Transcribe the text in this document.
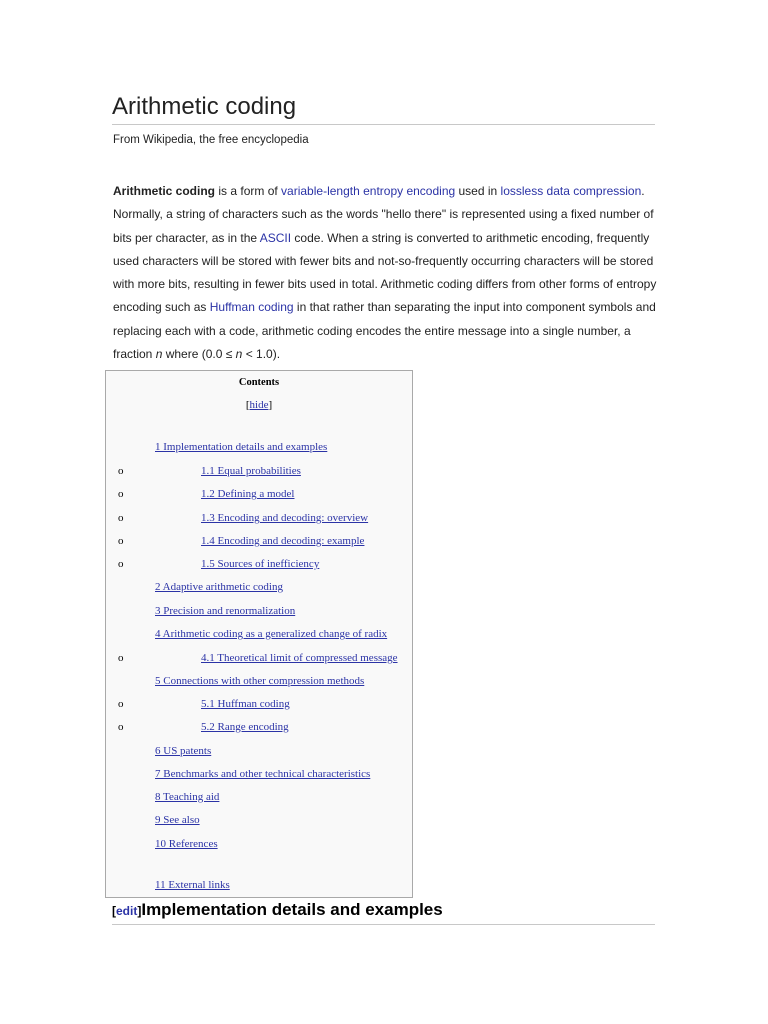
Arithmetic coding
From Wikipedia, the free encyclopedia

Arithmetic coding is a form of variable-length entropy encoding used in lossless data compression. Normally, a string of characters such as the words "hello there" is represented using a fixed number of bits per character, as in the ASCII code. When a string is converted to arithmetic encoding, frequently used characters will be stored with fewer bits and not-so-frequently occurring characters will be stored with more bits, resulting in fewer bits used in total. Arithmetic coding differs from other forms of entropy encoding such as Huffman coding in that rather than separating the input into component symbols and replacing each with a code, arithmetic coding encodes the entire message into a single number, a fraction n where (0.0 ≤ n < 1.0).

Contents
[hide]
1 Implementation details and examples
o	1.1 Equal probabilities
o	1.2 Defining a model
o	1.3 Encoding and decoding: overview
o	1.4 Encoding and decoding: example
o	1.5 Sources of inefficiency
2 Adaptive arithmetic coding
3 Precision and renormalization
4 Arithmetic coding as a generalized change of radix
o	4.1 Theoretical limit of compressed message
5 Connections with other compression methods
o	5.1 Huffman coding
o	5.2 Range encoding
6 US patents
7 Benchmarks and other technical characteristics
8 Teaching aid
9 See also
10 References
11 External links
[edit]Implementation details and examples
